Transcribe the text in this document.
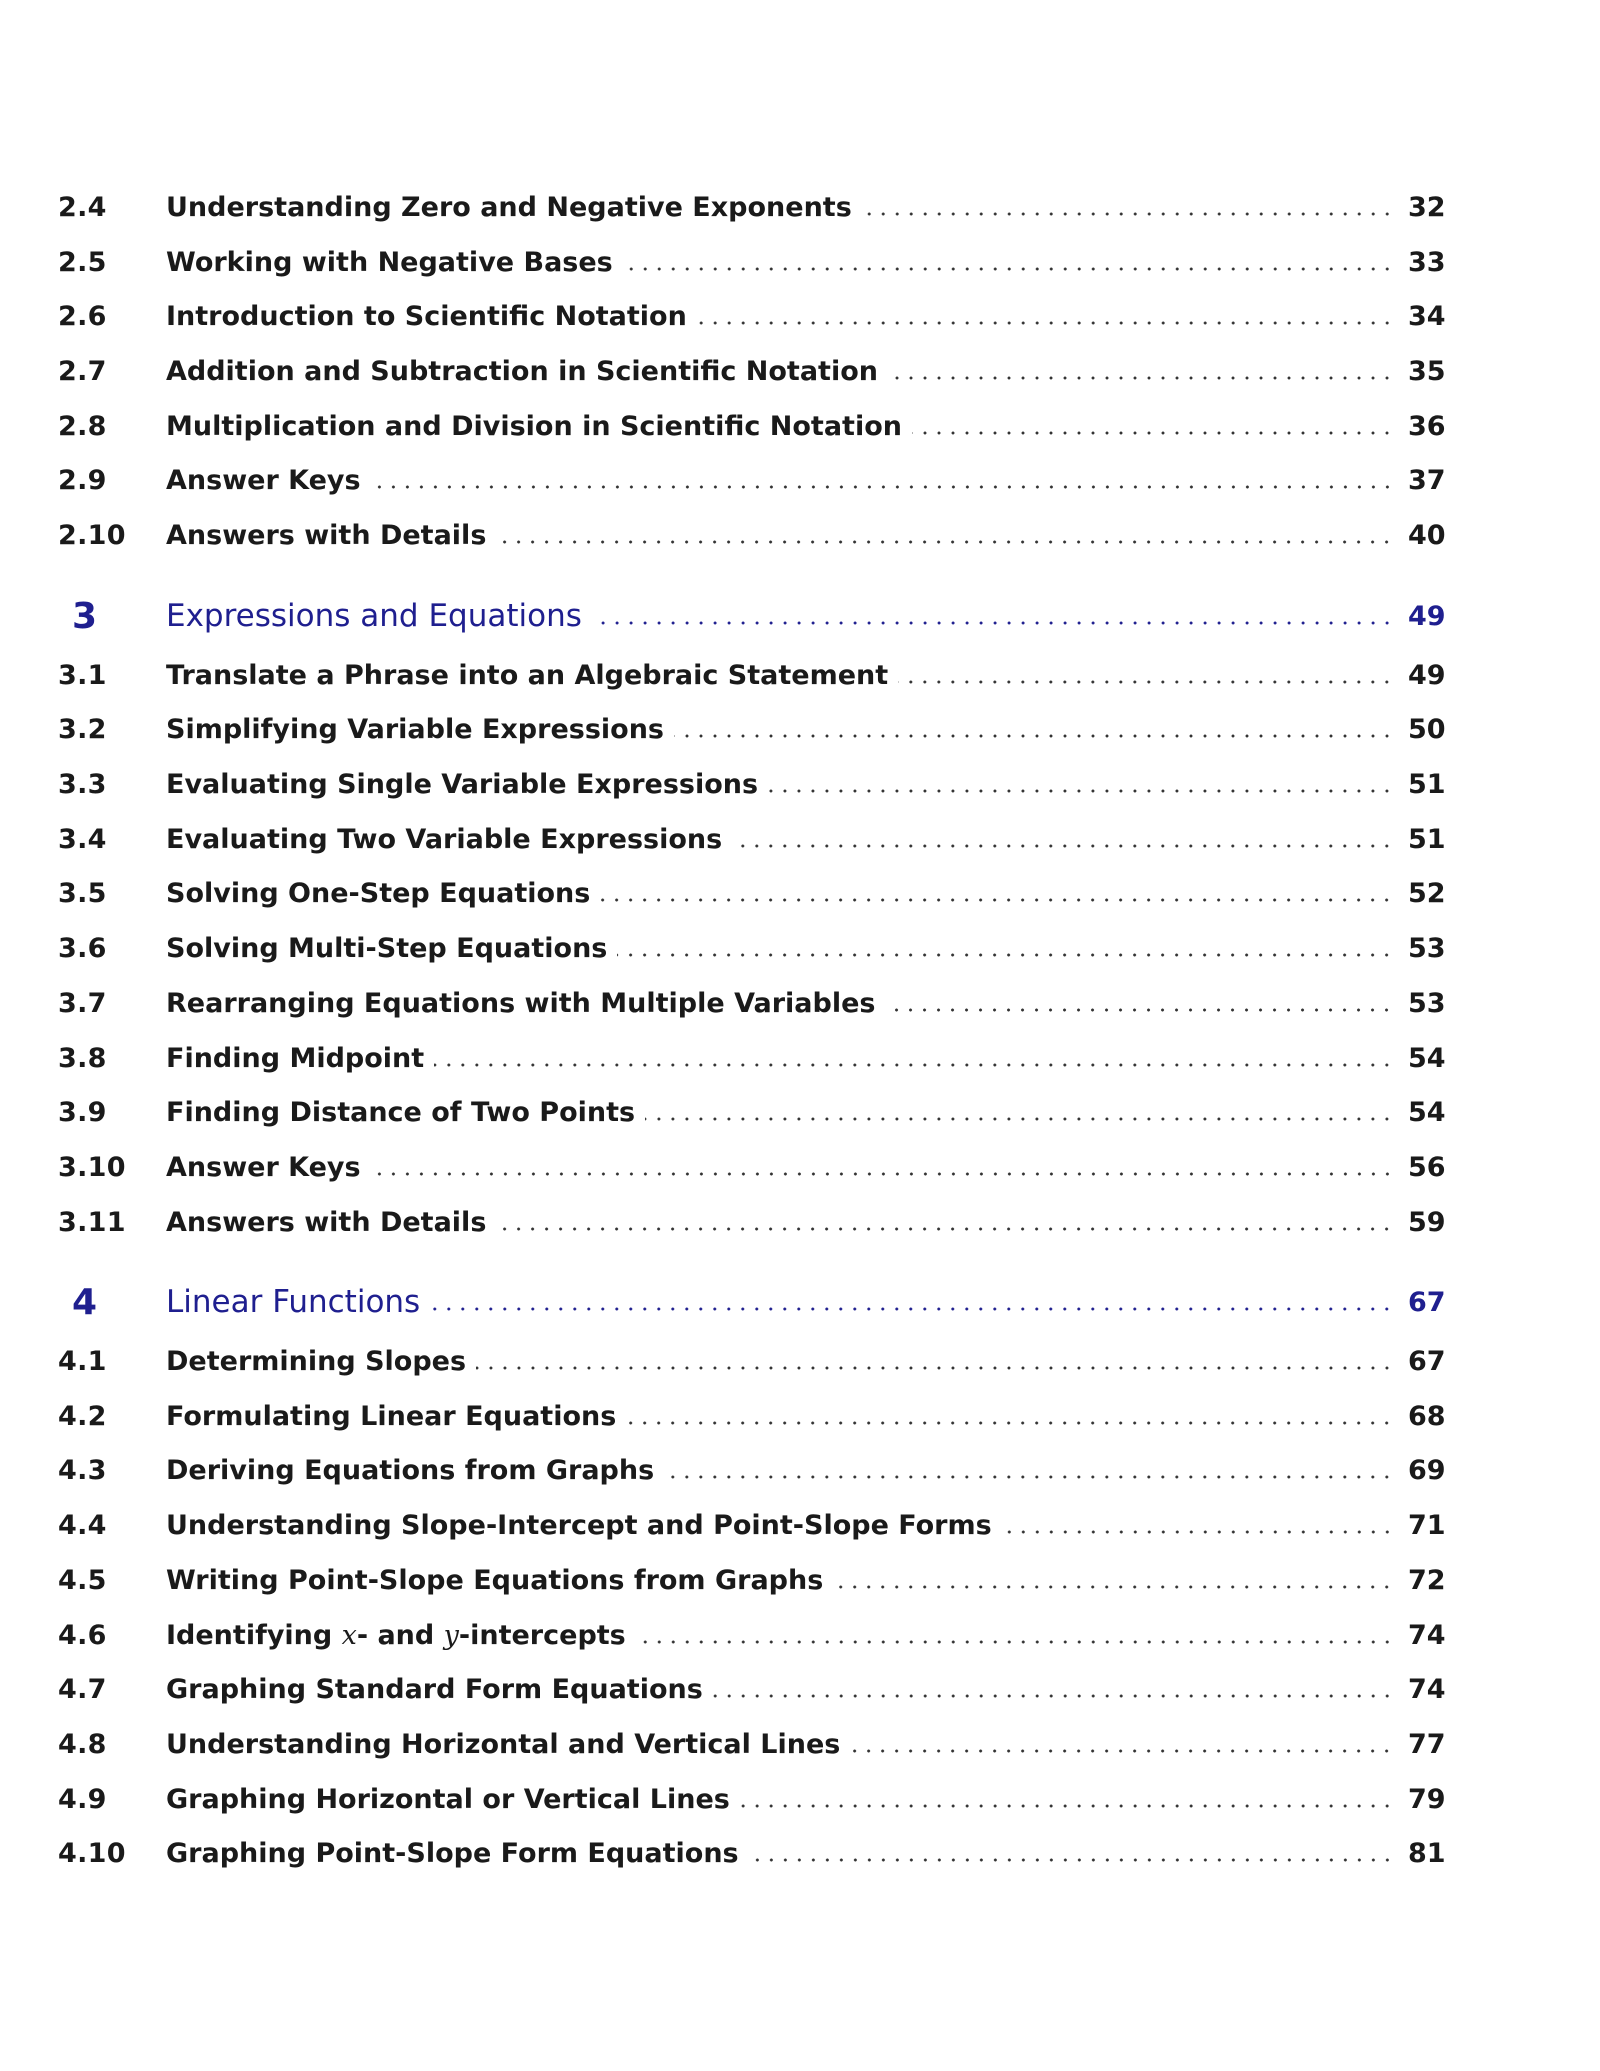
2.4	Understanding Zero and Negative Exponents	32
2.5	Working with Negative Bases	33
2.6	Introduction to Scientific Notation	34
2.7	Addition and Subtraction in Scientific Notation	35
2.8	Multiplication and Division in Scientific Notation	36
2.9	Answer Keys	37
2.10	Answers with Details	40
3	Expressions and Equations	49
3.1	Translate a Phrase into an Algebraic Statement	49
3.2	Simplifying Variable Expressions	50
3.3	Evaluating Single Variable Expressions	51
3.4	Evaluating Two Variable Expressions	51
3.5	Solving One-Step Equations	52
3.6	Solving Multi-Step Equations	53
3.7	Rearranging Equations with Multiple Variables	53
3.8	Finding Midpoint	54
3.9	Finding Distance of Two Points	54
3.10	Answer Keys	56
3.11	Answers with Details	59
4	Linear Functions	67
4.1	Determining Slopes	67
4.2	Formulating Linear Equations	68
4.3	Deriving Equations from Graphs	69
4.4	Understanding Slope-Intercept and Point-Slope Forms	71
4.5	Writing Point-Slope Equations from Graphs	72
4.6	Identifying x- and y-intercepts	74
4.7	Graphing Standard Form Equations	74
4.8	Understanding Horizontal and Vertical Lines	77
4.9	Graphing Horizontal or Vertical Lines	79
4.10	Graphing Point-Slope Form Equations	81
